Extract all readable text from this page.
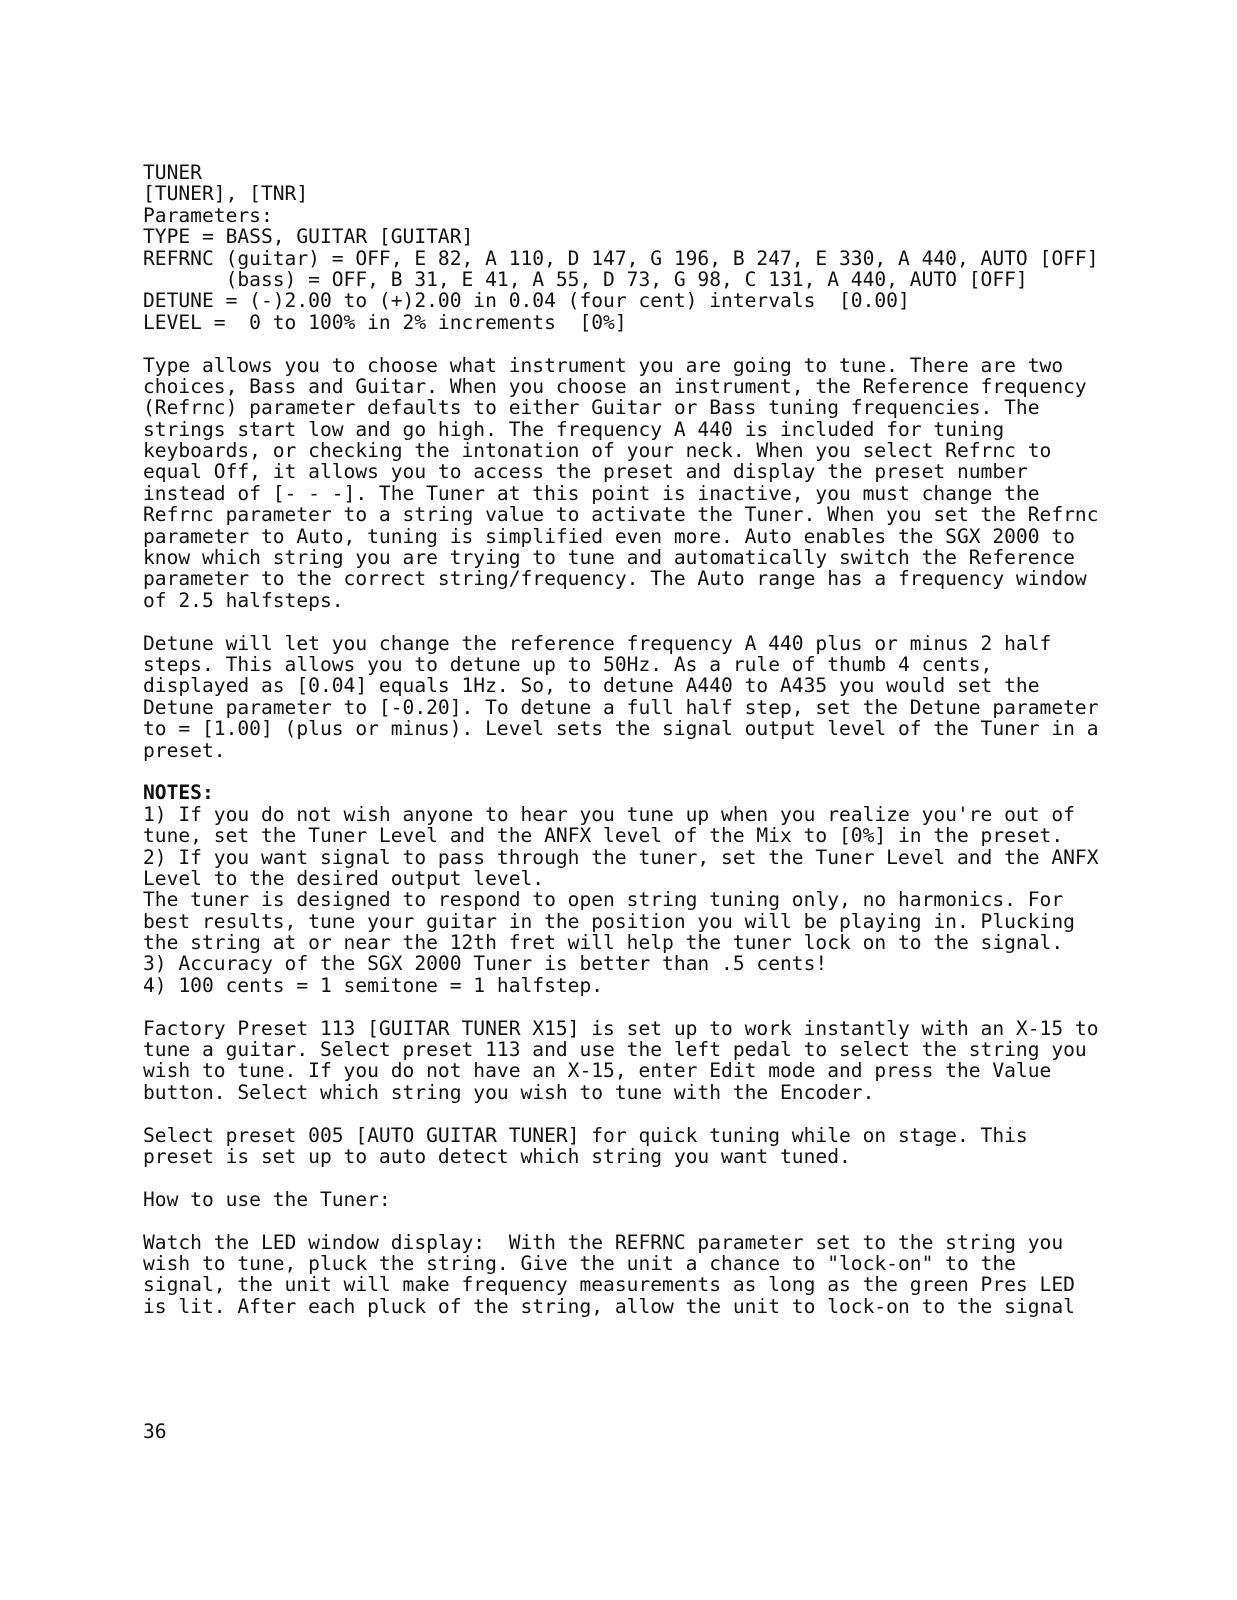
TUNER
[TUNER], [TNR]
Parameters:
TYPE = BASS, GUITAR [GUITAR]
REFRNC (guitar) = OFF, E 82, A 110, D 147, G 196, B 247, E 330, A 440, AUTO [OFF]
(bass) = OFF, B 31, E 41, A 55, D 73, G 98, C 131, A 440, AUTO [OFF]
DETUNE = (-)2.00 to (+)2.00 in 0.04 (four cent) intervals  [0.00]
LEVEL =  0 to 100% in 2% increments  [0%]
Type allows you to choose what instrument you are going to tune. There are two
choices, Bass and Guitar. When you choose an instrument, the Reference frequency
(Refrnc) parameter defaults to either Guitar or Bass tuning frequencies. The
strings start low and go high. The frequency A 440 is included for tuning
keyboards, or checking the intonation of your neck. When you select Refrnc to
equal Off, it allows you to access the preset and display the preset number
instead of [- - -]. The Tuner at this point is inactive, you must change the
Refrnc parameter to a string value to activate the Tuner. When you set the Refrnc
parameter to Auto, tuning is simplified even more. Auto enables the SGX 2000 to
know which string you are trying to tune and automatically switch the Reference
parameter to the correct string/frequency. The Auto range has a frequency window
of 2.5 halfsteps.
Detune will let you change the reference frequency A 440 plus or minus 2 half
steps. This allows you to detune up to 50Hz. As a rule of thumb 4 cents,
displayed as [0.04] equals 1Hz. So, to detune A440 to A435 you would set the
Detune parameter to [-0.20]. To detune a full half step, set the Detune parameter
to = [1.00] (plus or minus). Level sets the signal output level of the Tuner in a
preset.
NOTES:
1) If you do not wish anyone to hear you tune up when you realize you're out of
tune, set the Tuner Level and the ANFX level of the Mix to [0%] in the preset.
2) If you want signal to pass through the tuner, set the Tuner Level and the ANFX
Level to the desired output level.
The tuner is designed to respond to open string tuning only, no harmonics. For
best results, tune your guitar in the position you will be playing in. Plucking
the string at or near the 12th fret will help the tuner lock on to the signal.
3) Accuracy of the SGX 2000 Tuner is better than .5 cents!
4) 100 cents = 1 semitone = 1 halfstep.
Factory Preset 113 [GUITAR TUNER X15] is set up to work instantly with an X-15 to
tune a guitar. Select preset 113 and use the left pedal to select the string you
wish to tune. If you do not have an X-15, enter Edit mode and press the Value
button. Select which string you wish to tune with the Encoder.
Select preset 005 [AUTO GUITAR TUNER] for quick tuning while on stage. This
preset is set up to auto detect which string you want tuned.
How to use the Tuner:
Watch the LED window display:  With the REFRNC parameter set to the string you
wish to tune, pluck the string. Give the unit a chance to "lock-on" to the
signal, the unit will make frequency measurements as long as the green Pres LED
is lit. After each pluck of the string, allow the unit to lock-on to the signal
36
